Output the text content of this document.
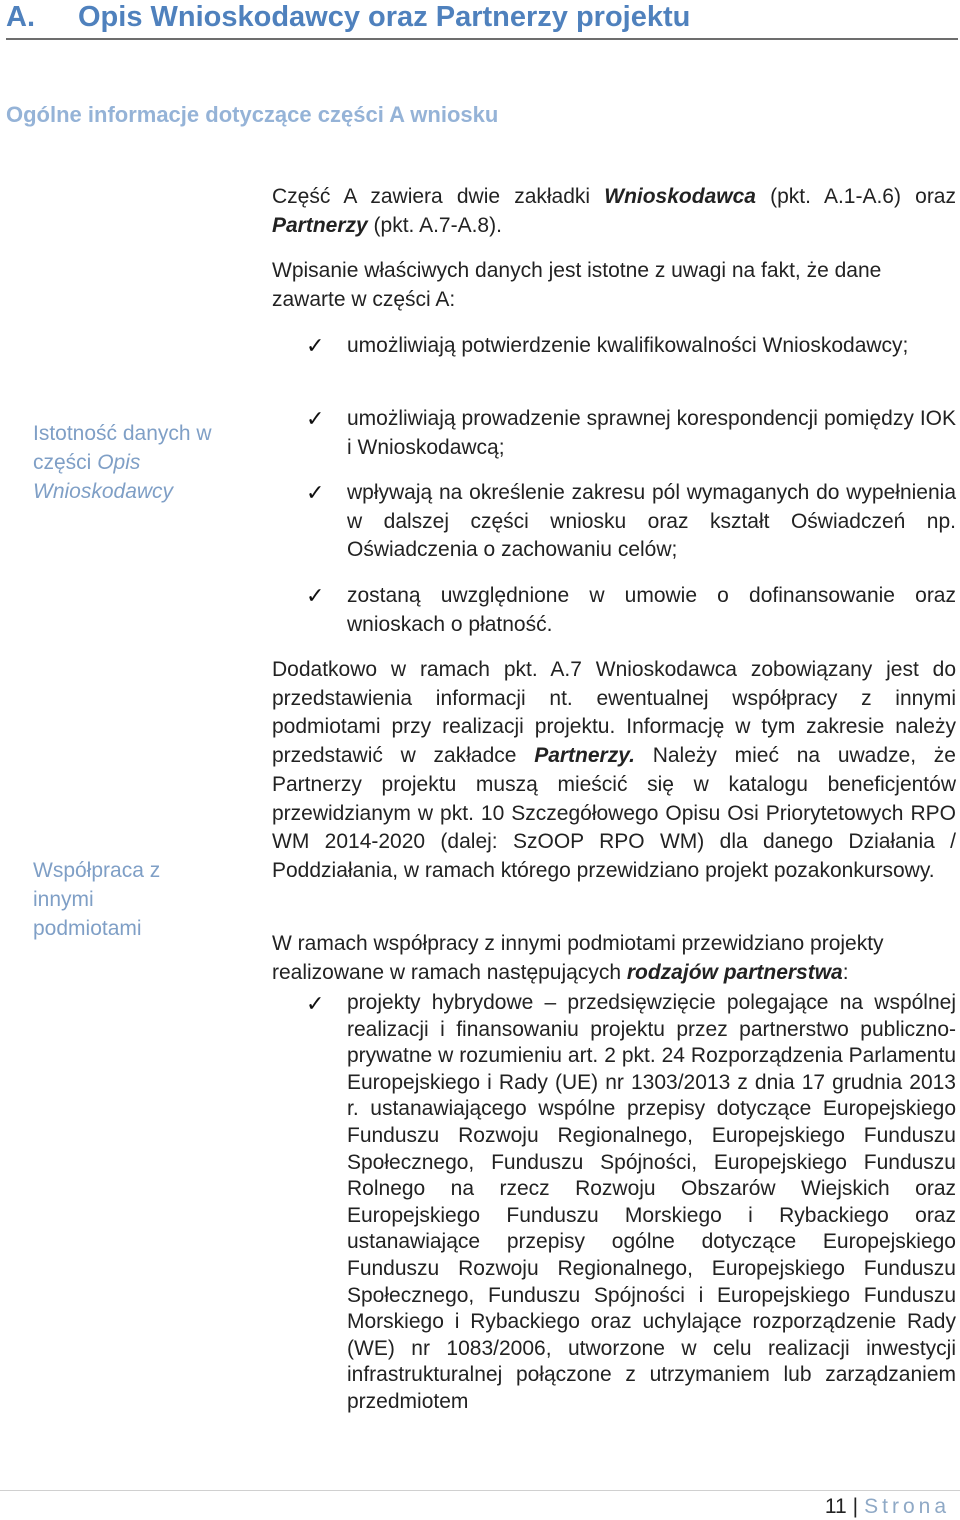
A. Opis Wnioskodawcy oraz Partnerzy projektu
Ogólne informacje dotyczące części A wniosku

Część A zawiera dwie zakładki Wnioskodawca (pkt. A.1-A.6) oraz Partnerzy (pkt. A.7-A.8).

Wpisanie właściwych danych jest istotne z uwagi na fakt, że dane zawarte w części A:

Istotność danych w części Opis Wnioskodawcy
✓ umożliwiają potwierdzenie kwalifikowalności Wnioskodawcy;
✓ umożliwiają prowadzenie sprawnej korespondencji pomiędzy IOK i Wnioskodawcą;
✓ wpływają na określenie zakresu pól wymaganych do wypełnienia w dalszej części wniosku oraz kształt Oświadczeń np. Oświadczenia o zachowaniu celów;
✓ zostaną uwzględnione w umowie o dofinansowanie oraz wnioskach o płatność.
Współpraca z innymi podmiotami

Dodatkowo w ramach pkt. A.7 Wnioskodawca zobowiązany jest do przedstawienia informacji nt. ewentualnej współpracy z innymi podmiotami przy realizacji projektu. Informację w tym zakresie należy przedstawić w zakładce Partnerzy. Należy mieć na uwadze, że Partnerzy projektu muszą mieścić się w katalogu beneficjentów przewidzianym w pkt. 10 Szczegółowego Opisu Osi Priorytetowych RPO WM 2014-2020 (dalej: SzOOP RPO WM) dla danego Działania / Poddziałania, w ramach którego przewidziano projekt pozakonkursowy.

W ramach współpracy z innymi podmiotami przewidziano projekty realizowane w ramach następujących rodzajów partnerstwa:

✓ projekty hybrydowe – przedsięwzięcie polegające na wspólnej realizacji i finansowaniu projektu przez partnerstwo publiczno-prywatne w rozumieniu art. 2 pkt. 24 Rozporządzenia Parlamentu Europejskiego i Rady (UE) nr 1303/2013 z dnia 17 grudnia 2013 r. ustanawiającego wspólne przepisy dotyczące Europejskiego Funduszu Rozwoju Regionalnego, Europejskiego Funduszu Społecznego, Funduszu Spójności, Europejskiego Funduszu Rolnego na rzecz Rozwoju Obszarów Wiejskich oraz Europejskiego Funduszu Morskiego i Rybackiego oraz ustanawiające przepisy ogólne dotyczące Europejskiego Funduszu Rozwoju Regionalnego, Europejskiego Funduszu Społecznego, Funduszu Spójności i Europejskiego Funduszu Morskiego i Rybackiego oraz uchylające rozporządzenie Rady (WE) nr 1083/2006, utworzone w celu realizacji inwestycji infrastrukturalnej połączone z utrzymaniem lub zarządzaniem przedmiotem
11 | Strona
